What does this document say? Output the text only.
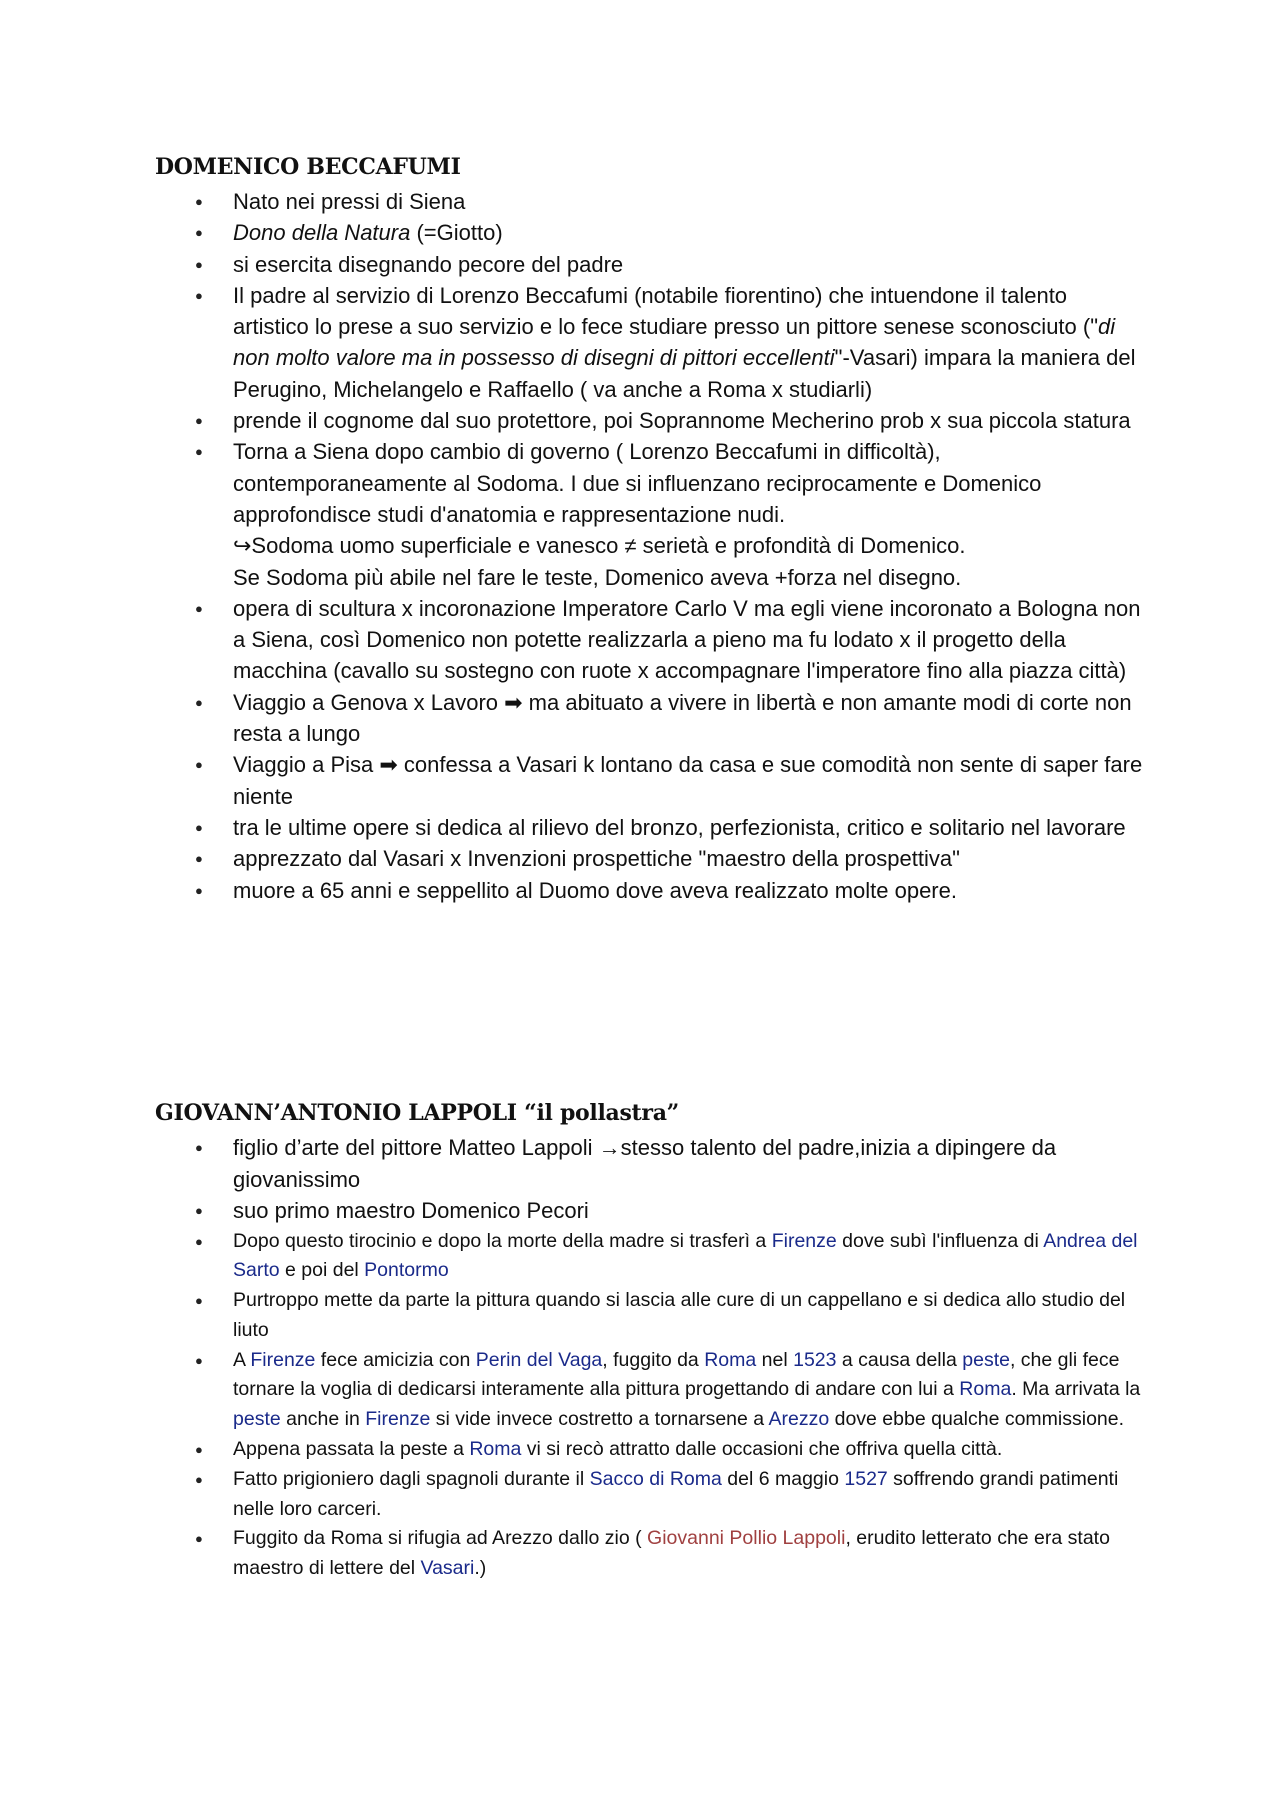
DOMENICO BECCAFUMI
● Nato nei pressi di Siena
● Dono della Natura (=Giotto)
● si esercita disegnando pecore del padre
● Il padre al servizio di Lorenzo Beccafumi (notabile fiorentino) che intuendone il talento artistico lo prese a suo servizio e lo fece studiare presso un pittore senese sconosciuto ("di non molto valore ma in possesso di disegni di pittori eccellenti"-Vasari) impara la maniera del Perugino, Michelangelo e Raffaello ( va anche a Roma x studiarli)
● prende il cognome dal suo protettore, poi Soprannome Mecherino prob x sua piccola statura
● Torna a Siena dopo cambio di governo ( Lorenzo Beccafumi in difficoltà), contemporaneamente al Sodoma. I due si influenzano reciprocamente e Domenico approfondisce studi d'anatomia e rappresentazione nudi.
↪Sodoma uomo superficiale e vanesco ≠ serietà e profondità di Domenico.
Se Sodoma più abile nel fare le teste, Domenico aveva +forza nel disegno.
● opera di scultura x incoronazione Imperatore Carlo V ma egli viene incoronato a Bologna non a Siena, così Domenico non potette realizzarla a pieno ma fu lodato x il progetto della macchina (cavallo su sostegno con ruote x accompagnare l'imperatore fino alla piazza città)
● Viaggio a Genova x Lavoro ➡ ma abituato a vivere in libertà e non amante modi di corte non resta a lungo
● Viaggio a Pisa ➡ confessa a Vasari k lontano da casa e sue comodità non sente di saper fare niente
● tra le ultime opere si dedica al rilievo del bronzo, perfezionista, critico e solitario nel lavorare
● apprezzato dal Vasari x Invenzioni prospettiche "maestro della prospettiva"
● muore a 65 anni e seppellito al Duomo dove aveva realizzato molte opere.
GIOVANN’ANTONIO LAPPOLI “il pollastra”
● figlio d’arte del pittore Matteo Lappoli →stesso talento del padre,inizia a dipingere da giovanissimo
● suo primo maestro Domenico Pecori
● Dopo questo tirocinio e dopo la morte della madre si trasferì a Firenze dove subì l'influenza di Andrea del Sarto e poi del Pontormo
● Purtroppo mette da parte la pittura quando si lascia alle cure di un cappellano e si dedica allo studio del liuto
● A Firenze fece amicizia con Perin del Vaga, fuggito da Roma nel 1523 a causa della peste, che gli fece tornare la voglia di dedicarsi interamente alla pittura progettando di andare con lui a Roma. Ma arrivata la peste anche in Firenze si vide invece costretto a tornarsene a Arezzo dove ebbe qualche commissione.
● Appena passata la peste a Roma vi si recò attratto dalle occasioni che offriva quella città.
● Fatto prigioniero dagli spagnoli durante il Sacco di Roma del 6 maggio 1527 soffrendo grandi patimenti nelle loro carceri.
● Fuggito da Roma si rifugia ad Arezzo dallo zio ( Giovanni Pollio Lappoli, erudito letterato che era stato maestro di lettere del Vasari.)
